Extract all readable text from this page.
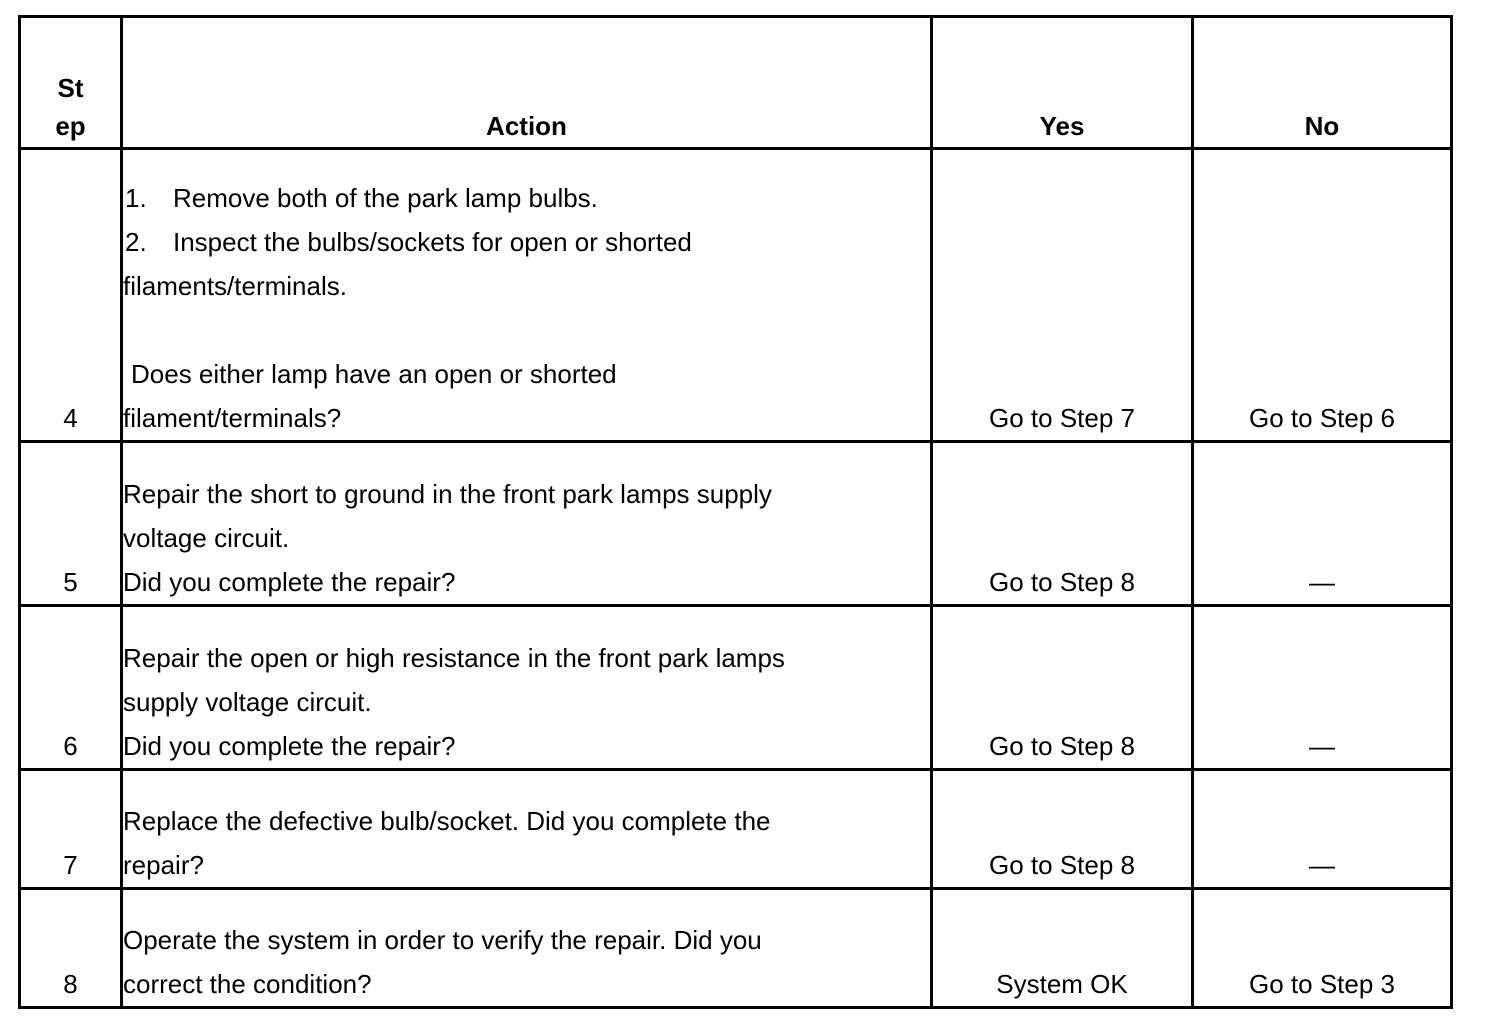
St
ep	Action	Yes	No
4	1. Remove both of the park lamp bulbs.
2. Inspect the bulbs/sockets for open or shorted
filaments/terminals.
Does either lamp have an open or shorted
filament/terminals?	Go to Step 7	Go to Step 6
5	Repair the short to ground in the front park lamps supply
voltage circuit.
Did you complete the repair?	Go to Step 8	—
6	Repair the open or high resistance in the front park lamps
supply voltage circuit.
Did you complete the repair?	Go to Step 8	—
7	Replace the defective bulb/socket. Did you complete the
repair?	Go to Step 8	—
8	Operate the system in order to verify the repair. Did you
correct the condition?	System OK	Go to Step 3
